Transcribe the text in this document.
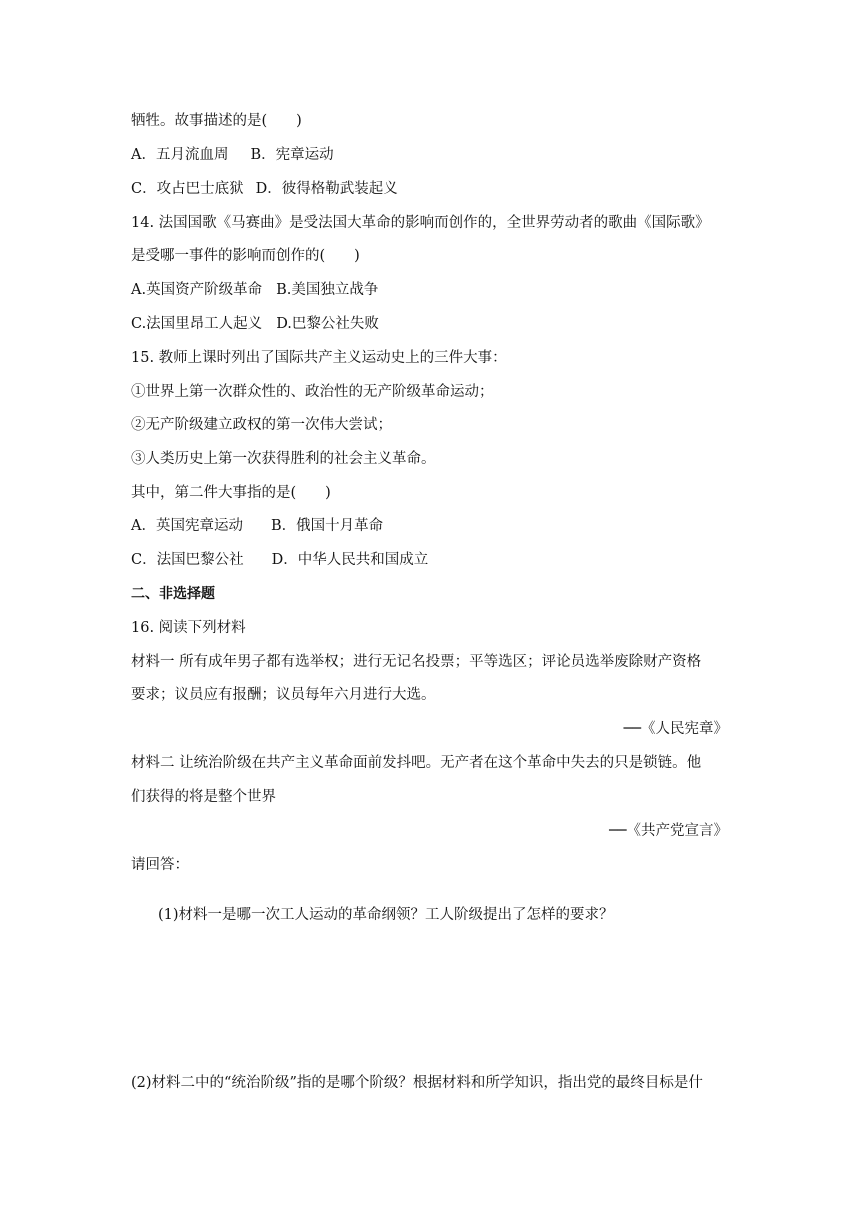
牺牲。故事描述的是(　　)
A．五月流血周 B．宪章运动
C．攻占巴士底狱 D．彼得格勒武装起义
14. 法国国歌《马赛曲》是受法国大革命的影响而创作的，全世界劳动者的歌曲《国际歌》
是受哪一事件的影响而创作的(　　)
A.英国资产阶级革命 B.美国独立战争
C.法国里昂工人起义 D.巴黎公社失败
15. 教师上课时列出了国际共产主义运动史上的三件大事：
①世界上第一次群众性的、政治性的无产阶级革命运动；
②无产阶级建立政权的第一次伟大尝试；
③人类历史上第一次获得胜利的社会主义革命。
其中，第二件大事指的是(　　)
A．英国宪章运动 B．俄国十月革命
C．法国巴黎公社 D．中华人民共和国成立
二、非选择题
16. 阅读下列材料
材料一 所有成年男子都有选举权；进行无记名投票；平等选区；评论员选举废除财产资格
要求；议员应有报酬；议员每年六月进行大选。
──《人民宪章》
材料二 让统治阶级在共产主义革命面前发抖吧。无产者在这个革命中失去的只是锁链。他
们获得的将是整个世界
──《共产党宣言》
请回答：
(1)材料一是哪一次工人运动的革命纲领？工人阶级提出了怎样的要求？
(2)材料二中的“统治阶级”指的是哪个阶级？根据材料和所学知识，指出党的最终目标是什
